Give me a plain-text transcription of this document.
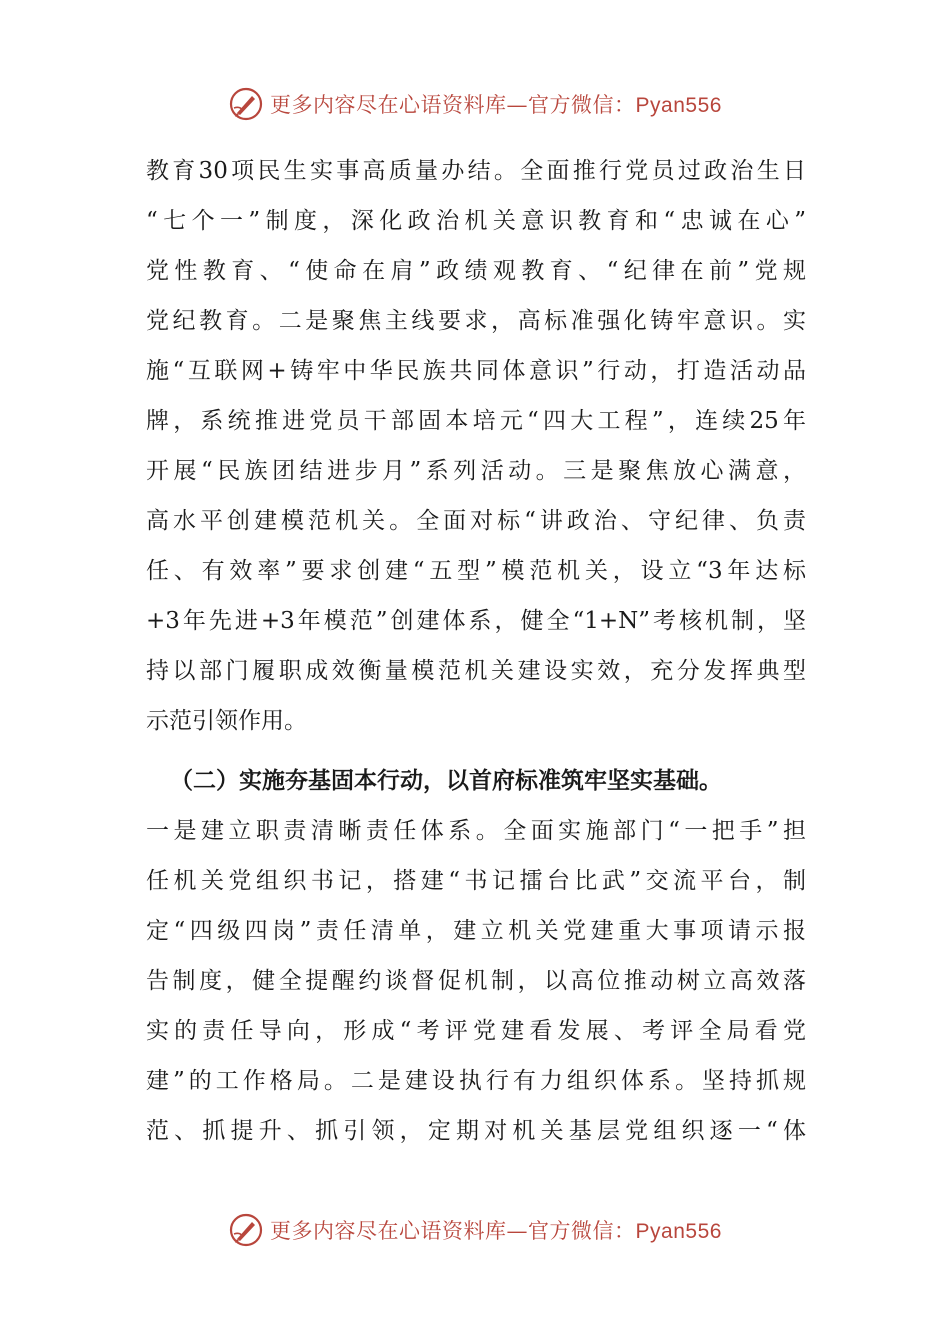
更多内容尽在心语资料库—官方微信：Pyan556
教育30项民生实事高质量办结。全面推行党员过政治生日
“七个一”制度，深化政治机关意识教育和“忠诚在心”
党性教育、“使命在肩”政绩观教育、“纪律在前”党规
党纪教育。二是聚焦主线要求，高标准强化铸牢意识。实
施“互联网+铸牢中华民族共同体意识”行动，打造活动品
牌，系统推进党员干部固本培元“四大工程”，连续25年
开展“民族团结进步月”系列活动。三是聚焦放心满意，
高水平创建模范机关。全面对标“讲政治、守纪律、负责
任、有效率”要求创建“五型”模范机关，设立“3年达标
+3年先进+3年模范”创建体系，健全“1+N”考核机制，坚
持以部门履职成效衡量模范机关建设实效，充分发挥典型
示范引领作用。
（二）实施夯基固本行动，以首府标准筑牢坚实基础。
一是建立职责清晰责任体系。全面实施部门“一把手”担
任机关党组织书记，搭建“书记擂台比武”交流平台，制
定“四级四岗”责任清单，建立机关党建重大事项请示报
告制度，健全提醒约谈督促机制，以高位推动树立高效落
实的责任导向，形成“考评党建看发展、考评全局看党
建”的工作格局。二是建设执行有力组织体系。坚持抓规
范、抓提升、抓引领，定期对机关基层党组织逐一“体
更多内容尽在心语资料库—官方微信：Pyan556
